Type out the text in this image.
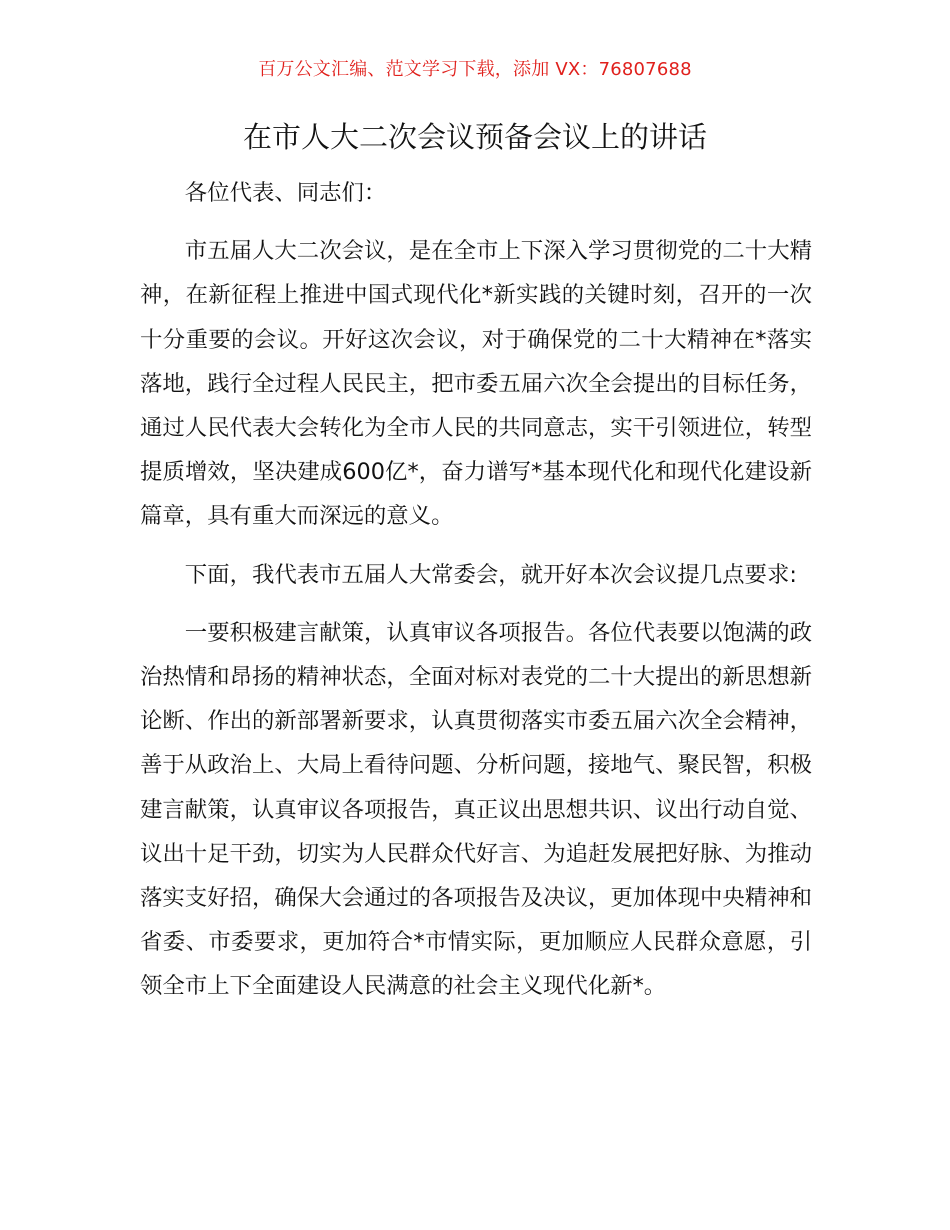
百万公文汇编、范文学习下载，添加 VX：76807688
在市人大二次会议预备会议上的讲话

各位代表、同志们：

市五届人大二次会议，是在全市上下深入学习贯彻党的二十大精神，在新征程上推进中国式现代化*新实践的关键时刻，召开的一次十分重要的会议。开好这次会议，对于确保党的二十大精神在*落实落地，践行全过程人民民主，把市委五届六次全会提出的目标任务，通过人民代表大会转化为全市人民的共同意志，实干引领进位，转型提质增效，坚决建成600亿*，奋力谱写*基本现代化和现代化建设新篇章，具有重大而深远的意义。

下面，我代表市五届人大常委会，就开好本次会议提几点要求:

一要积极建言献策，认真审议各项报告。各位代表要以饱满的政治热情和昂扬的精神状态，全面对标对表党的二十大提出的新思想新论断、作出的新部署新要求，认真贯彻落实市委五届六次全会精神，善于从政治上、大局上看待问题、分析问题，接地气、聚民智，积极建言献策，认真审议各项报告，真正议出思想共识、议出行动自觉、议出十足干劲，切实为人民群众代好言、为追赶发展把好脉、为推动落实支好招，确保大会通过的各项报告及决议，更加体现中央精神和省委、市委要求，更加符合*市情实际，更加顺应人民群众意愿，引领全市上下全面建设人民满意的社会主义现代化新*。
